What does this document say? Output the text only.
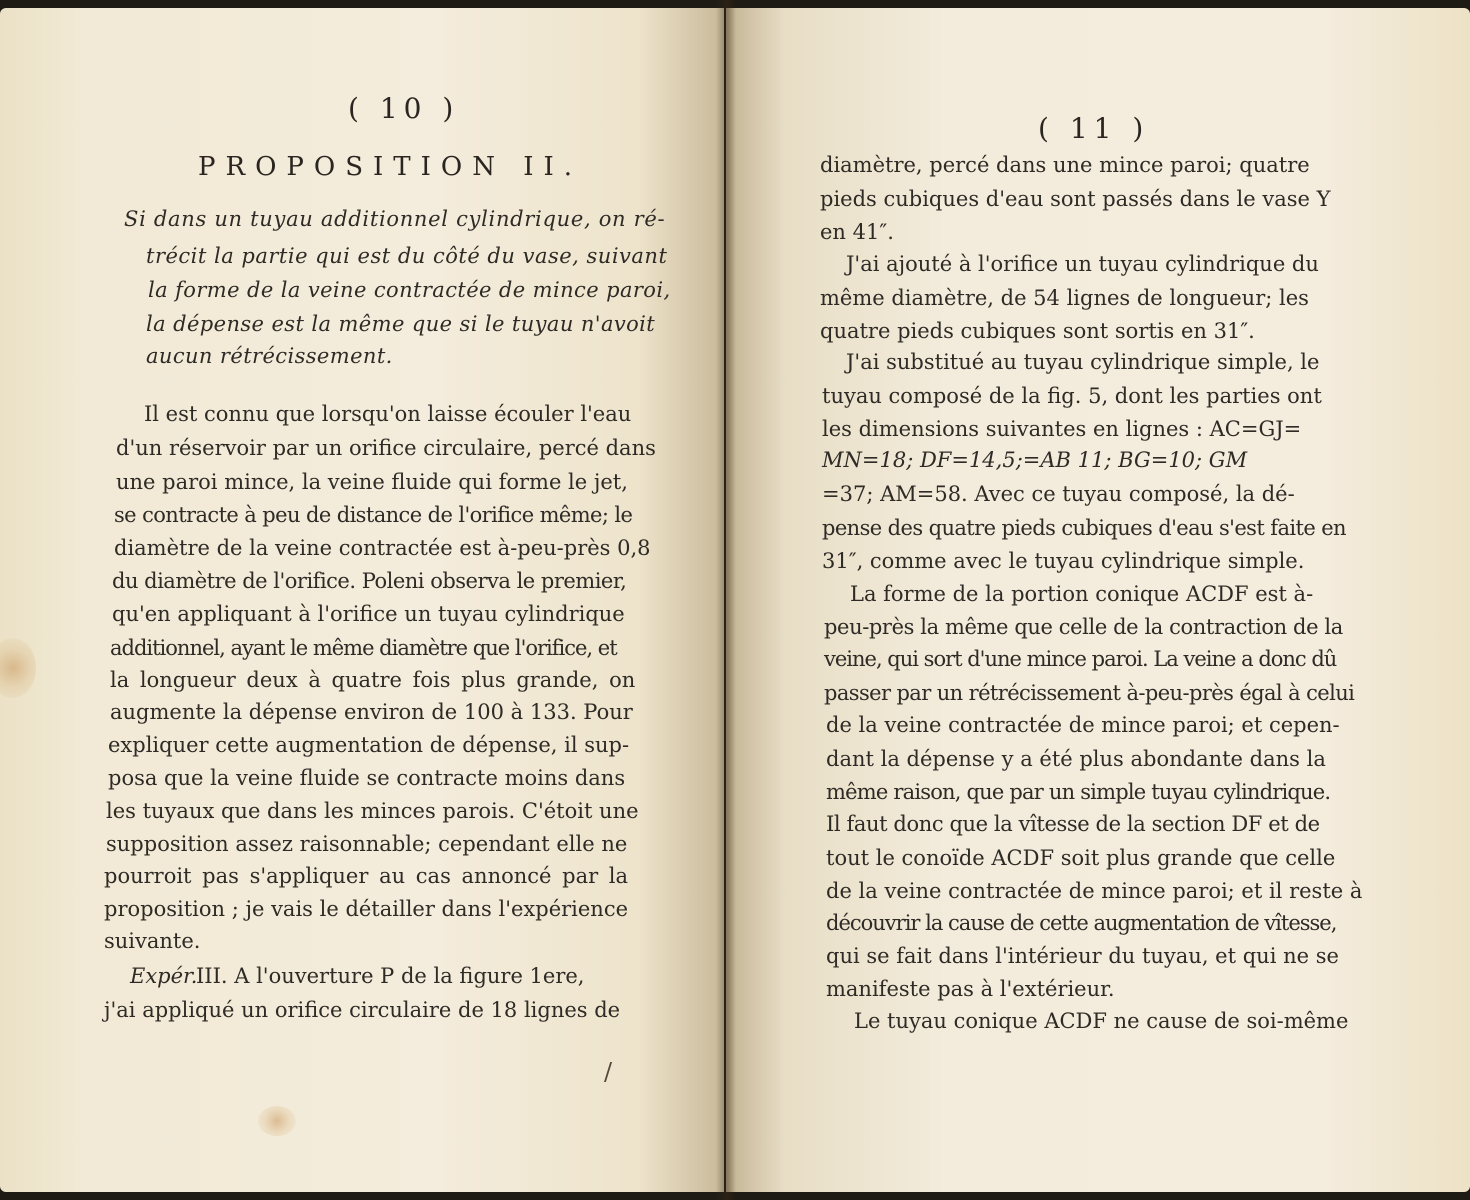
( 10 )
PROPOSITION II.
Si dans un tuyau additionnel cylindrique, on ré-
trécit la partie qui est du côté du vase, suivant
la forme de la veine contractée de mince paroi,
la dépense est la même que si le tuyau n'avoit
aucun rétrécissement.
Il est connu que lorsqu'on laisse écouler l'eau
d'un réservoir par un orifice circulaire, percé dans
une paroi mince, la veine fluide qui forme le jet,
se contracte à peu de distance de l'orifice même; le
diamètre de la veine contractée est à-peu-près 0,8
du diamètre de l'orifice. Poleni observa le premier,
qu'en appliquant à l'orifice un tuyau cylindrique
additionnel, ayant le même diamètre que l'orifice, et
la longueur deux à quatre fois plus grande, on
augmente la dépense environ de 100 à 133. Pour
expliquer cette augmentation de dépense, il sup-
posa que la veine fluide se contracte moins dans
les tuyaux que dans les minces parois. C'étoit une
supposition assez raisonnable; cependant elle ne
pourroit pas s'appliquer au cas annoncé par la
proposition ; je vais le détailler dans l'expérience
suivante.
Expér.
III. A l'ouverture P de la figure 1ere,
j'ai appliqué un orifice circulaire de 18 lignes de
/
( 11 )
diamètre, percé dans une mince paroi; quatre
pieds cubiques d'eau sont passés dans le vase Y
en 41″.
J'ai ajouté à l'orifice un tuyau cylindrique du
même diamètre, de 54 lignes de longueur; les
quatre pieds cubiques sont sortis en 31″.
J'ai substitué au tuyau cylindrique simple, le
tuyau composé de la fig. 5, dont les parties ont
les dimensions suivantes en lignes : AC=GJ=
MN=18; DF=14,5;=AB 11; BG=10; GM
=37; AM=58. Avec ce tuyau composé, la dé-
pense des quatre pieds cubiques d'eau s'est faite en
31″, comme avec le tuyau cylindrique simple.
La forme de la portion conique ACDF est à-
peu-près la même que celle de la contraction de la
veine, qui sort d'une mince paroi. La veine a donc dû
passer par un rétrécissement à-peu-près égal à celui
de la veine contractée de mince paroi; et cepen-
dant la dépense y a été plus abondante dans la
même raison, que par un simple tuyau cylindrique.
Il faut donc que la vîtesse de la section DF et de
tout le conoïde ACDF soit plus grande que celle
de la veine contractée de mince paroi; et il reste à
découvrir la cause de cette augmentation de vîtesse,
qui se fait dans l'intérieur du tuyau, et qui ne se
manifeste pas à l'extérieur.
Le tuyau conique ACDF ne cause de soi-même
